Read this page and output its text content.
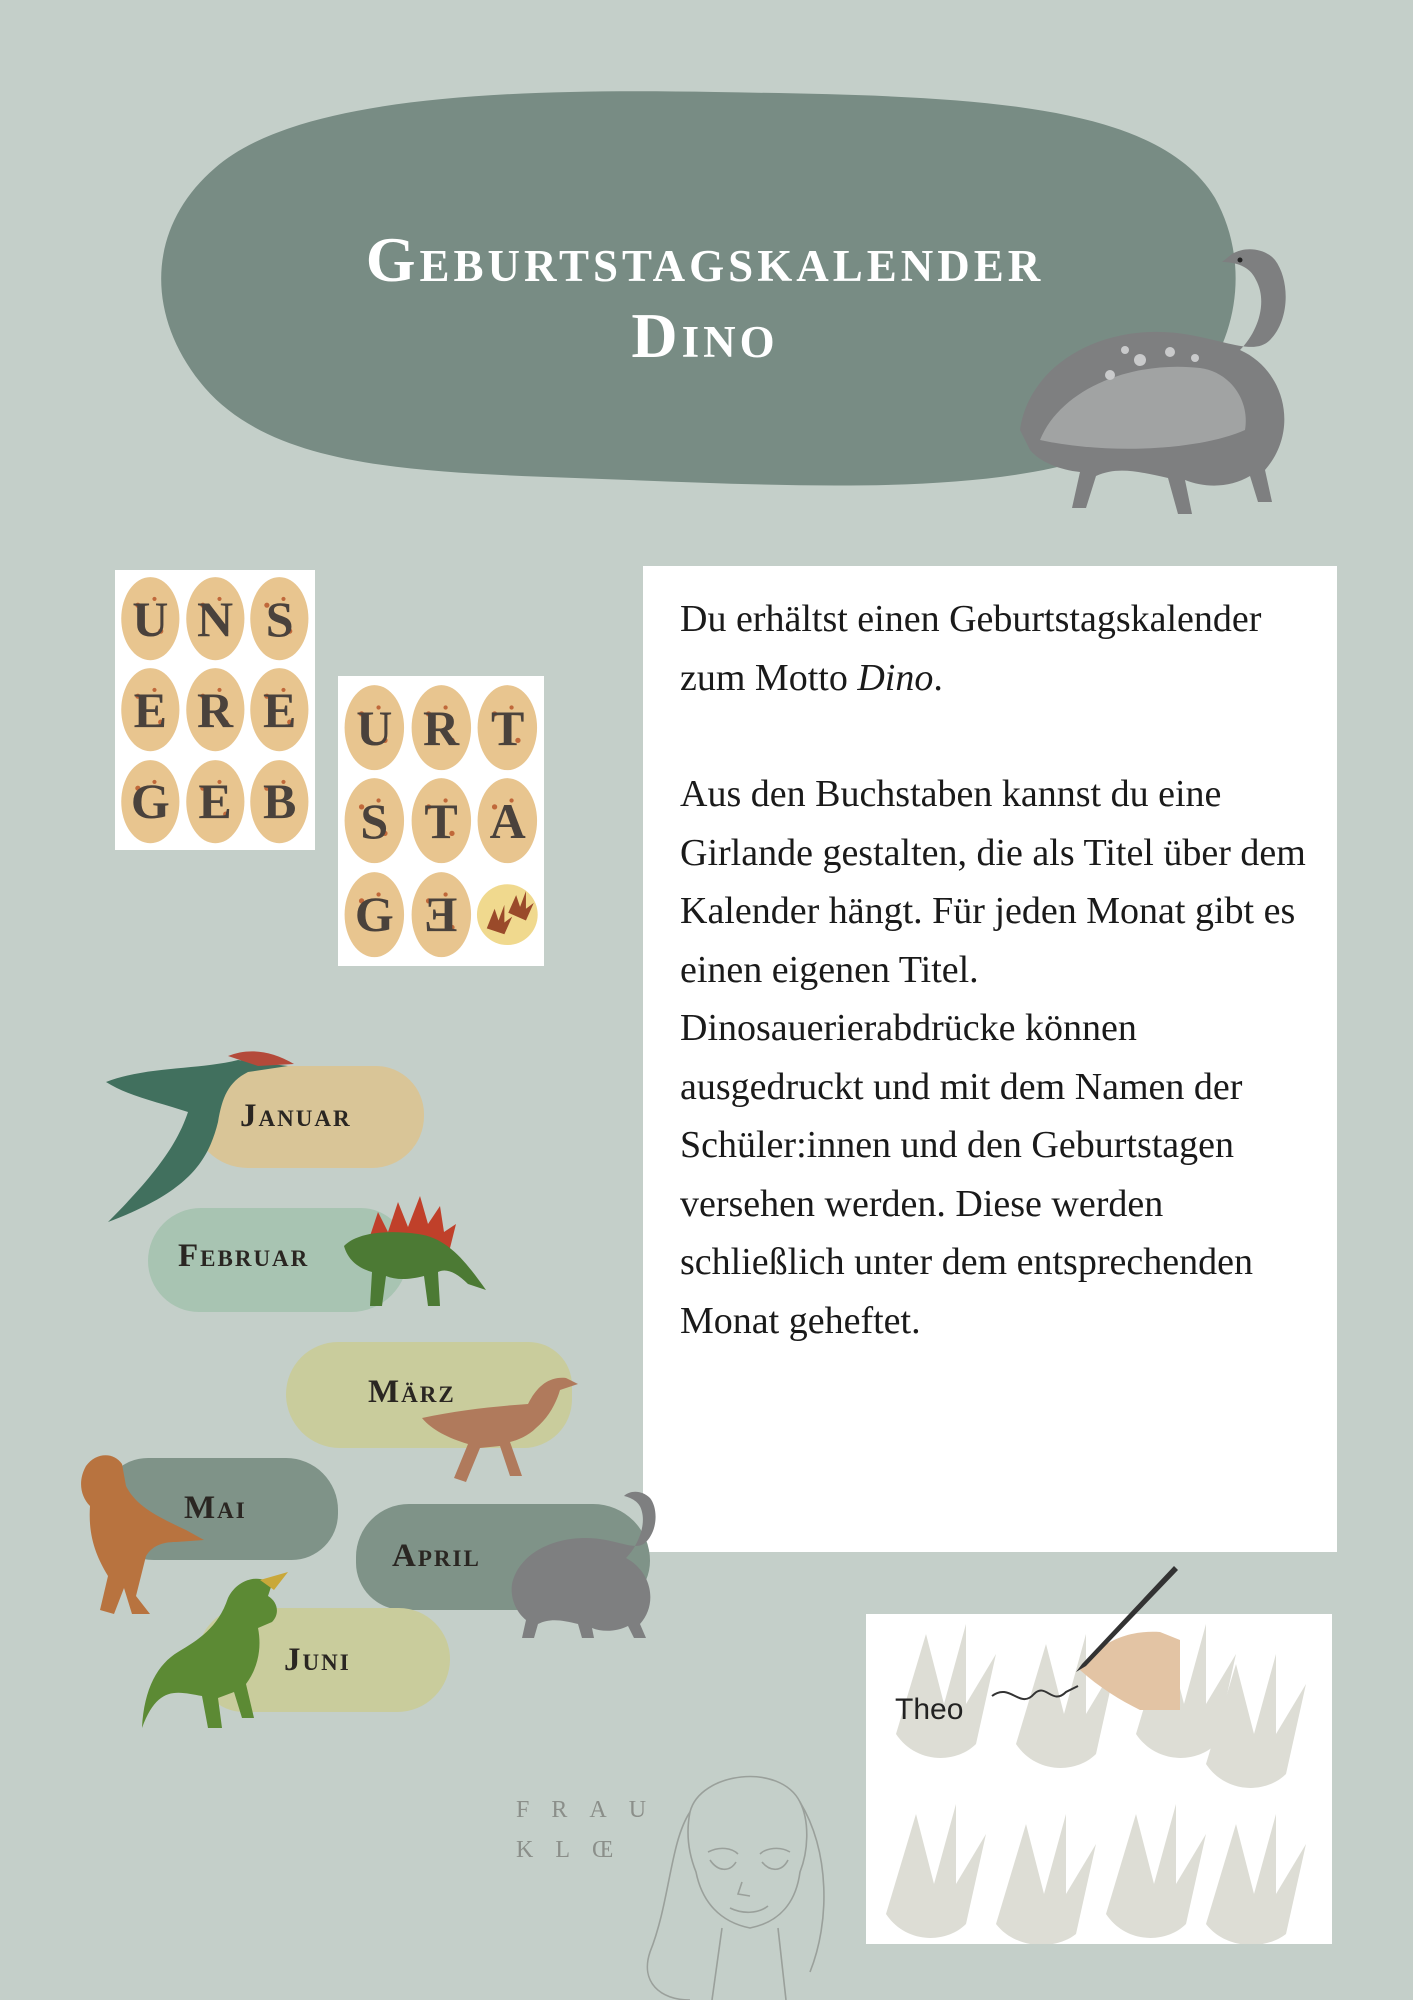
Geburtstagskalender
Dino
U N S
E R E
G E B
U R T
S T A
G E

Du erhältst einen Geburtstagskalender zum Motto Dino.

Aus den Buchstaben kannst du eine Girlande gestalten, die als Titel über dem Kalender hängt. Für jeden Monat gibt es einen eigenen Titel. Dinosauerierabdrücke können ausgedruckt und mit dem Namen der Schüler:innen und den Geburtstagen versehen werden. Diese werden schließlich unter dem entsprechenden Monat geheftet.

Januar
Februar
März
Mai
April
Juni
FRAU
KLŒ
Theo
